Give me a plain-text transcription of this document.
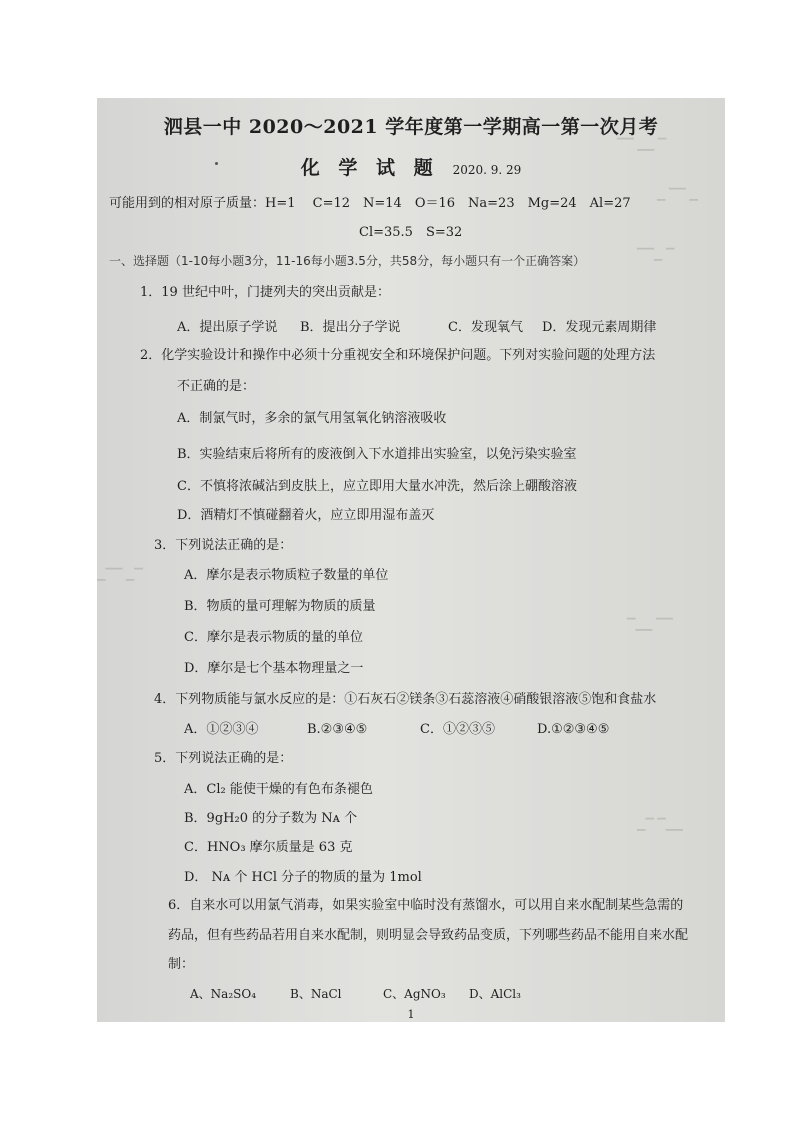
▔▔ ▁▁ ▔
▁ ▔▔ ▁
▔▔▁ ▔
▁▔▔ ▁▔
▔▁▁ ▔▔
▁▔ ▔▁▁
泗县一中 2020～2021 学年度第一学期高一第一次月考
化 学 试 题 2020. 9. 29
可能用到的相对原子质量：H=1　 C=12　N=14　O＝16　Na=23　Mg=24　Al=27
Cl=35.5　S=32
一、选择题（1-10每小题3分，11-16每小题3.5分，共58分，每小题只有一个正确答案）
1．19 世纪中叶，门捷列夫的突出贡献是：
A．提出原子学说 B．提出分子学说	C．发现氧气 D．发现元素周期律
2．化学实验设计和操作中必须十分重视安全和环境保护问题。下列对实验问题的处理方法
不正确的是：
A．制氯气时，多余的氯气用氢氧化钠溶液吸收
B．实验结束后将所有的废液倒入下水道排出实验室，以免污染实验室
C．不慎将浓碱沾到皮肤上，应立即用大量水冲洗，然后涂上硼酸溶液
D．酒精灯不慎碰翻着火，应立即用湿布盖灭
3．下列说法正确的是：
A．摩尔是表示物质粒子数量的单位
B．物质的量可理解为物质的质量
C．摩尔是表示物质的量的单位
D．摩尔是七个基本物理量之一
4．下列物质能与氯水反应的是：①石灰石②镁条③石蕊溶液④硝酸银溶液⑤饱和食盐水
A．①②③④	B.②③④⑤	C．①②③⑤	D.①②③④⑤
5．下列说法正确的是：
A．Cl₂ 能使干燥的有色布条褪色
B．9gH₂0 的分子数为 Nᴀ 个
C．HNO₃ 摩尔质量是 63 克
D． Nᴀ 个 HCl 分子的物质的量为 1mol
6．自来水可以用氯气消毒，如果实验室中临时没有蒸馏水，可以用自来水配制某些急需的
药品，但有些药品若用自来水配制，则明显会导致药品变质，下列哪些药品不能用自来水配
制：
A、Na₂SO₄	B、NaCl	C、AgNO₃ D、AlCl₃
1
